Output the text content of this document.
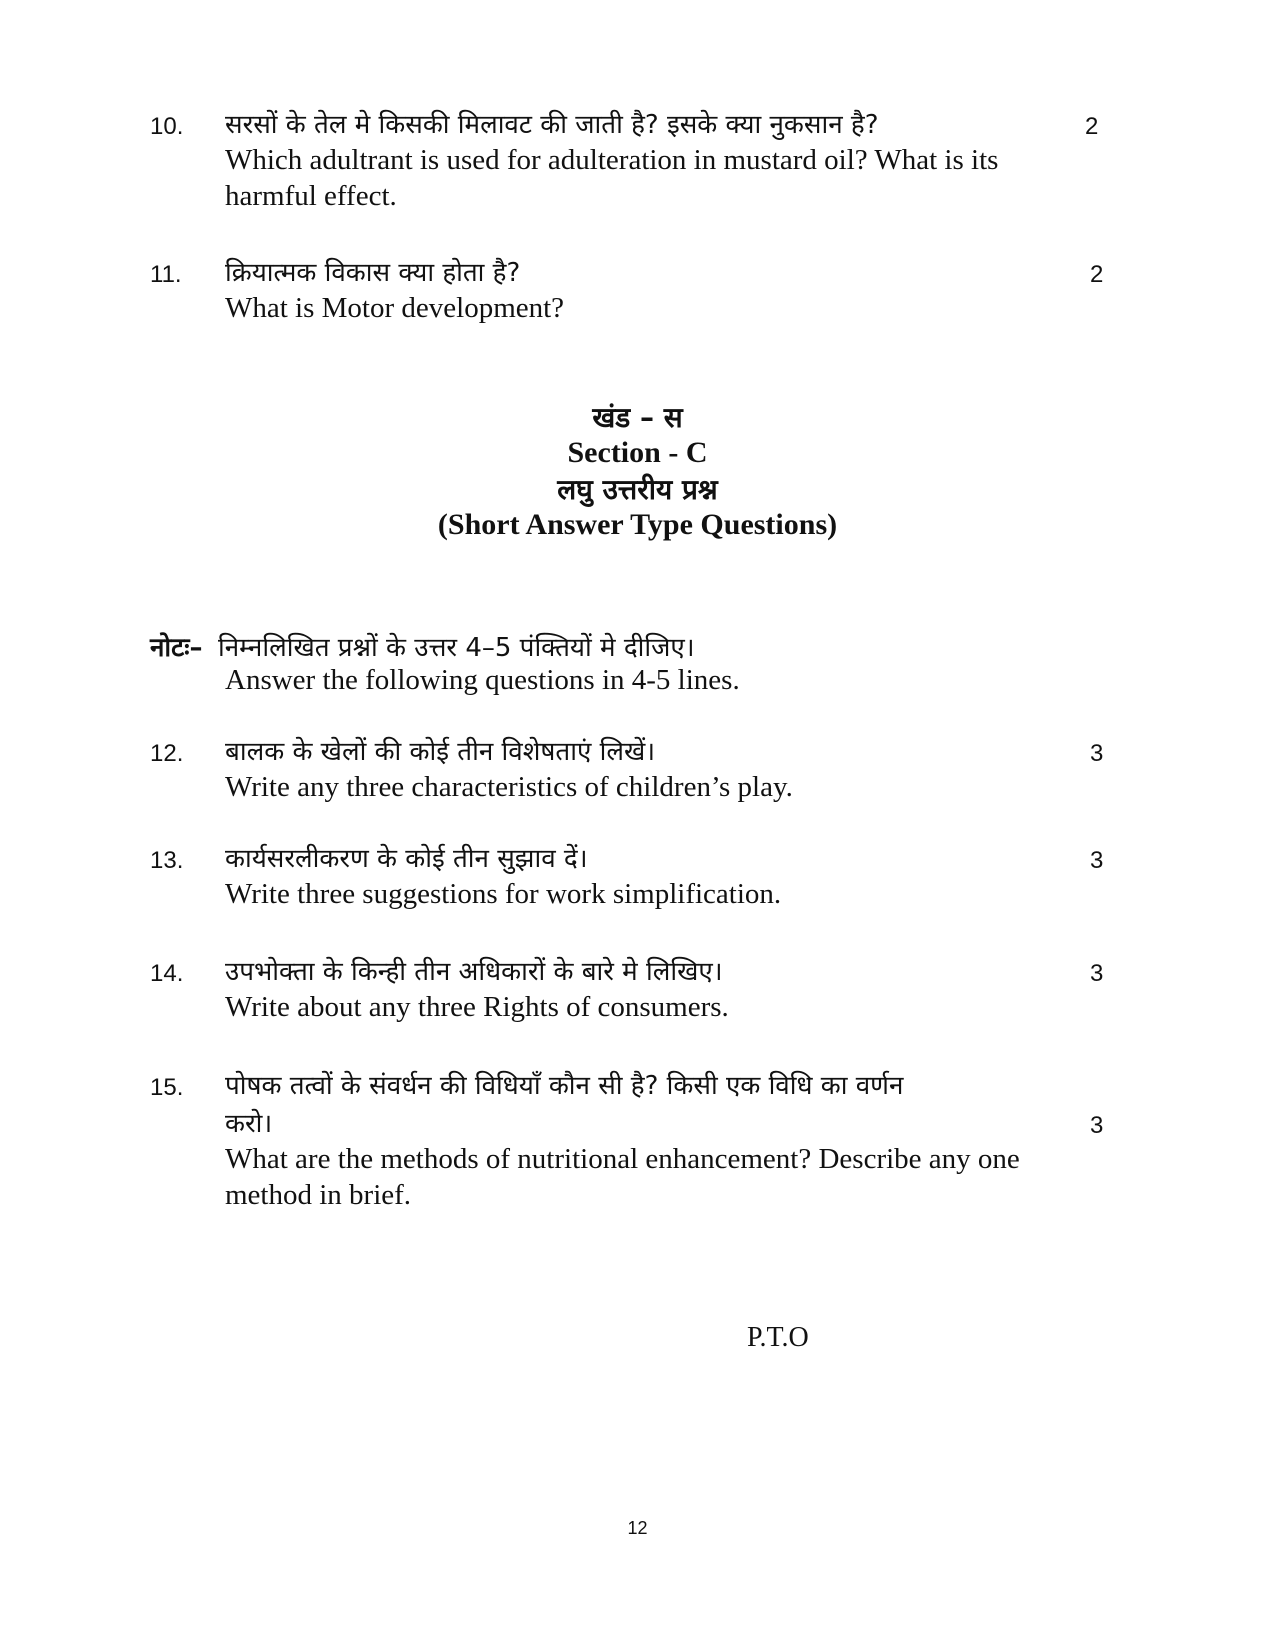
10. सरसों के तेल मे किसकी मिलावट की जाती है? इसके क्या नुकसान है?	2
Which adultrant is used for adulteration in mustard oil? What is its harmful effect.
11. क्रियात्मक विकास क्या होता है?	2
What is Motor development?
खंड – स
Section - C
लघु उत्तरीय प्रश्न
(Short Answer Type Questions)
नोटः– निम्नलिखित प्रश्नों के उत्तर 4–5 पंक्तियों मे दीजिए।
Answer the following questions in 4-5 lines.
12. बालक के खेलों की कोई तीन विशेषताएं लिखें।	3
Write any three characteristics of children’s play.
13. कार्यसरलीकरण के कोई तीन सुझाव दें।	3
Write three suggestions for work simplification.
14. उपभोक्ता के किन्ही तीन अधिकारों के बारे मे लिखिए।	3
Write about any three Rights of consumers.
15. पोषक तत्वों के संवर्धन की विधियाँ कौन सी है? किसी एक विधि का वर्णन
करो।	3
What are the methods of nutritional enhancement? Describe any one method in brief.
P.T.O
12
